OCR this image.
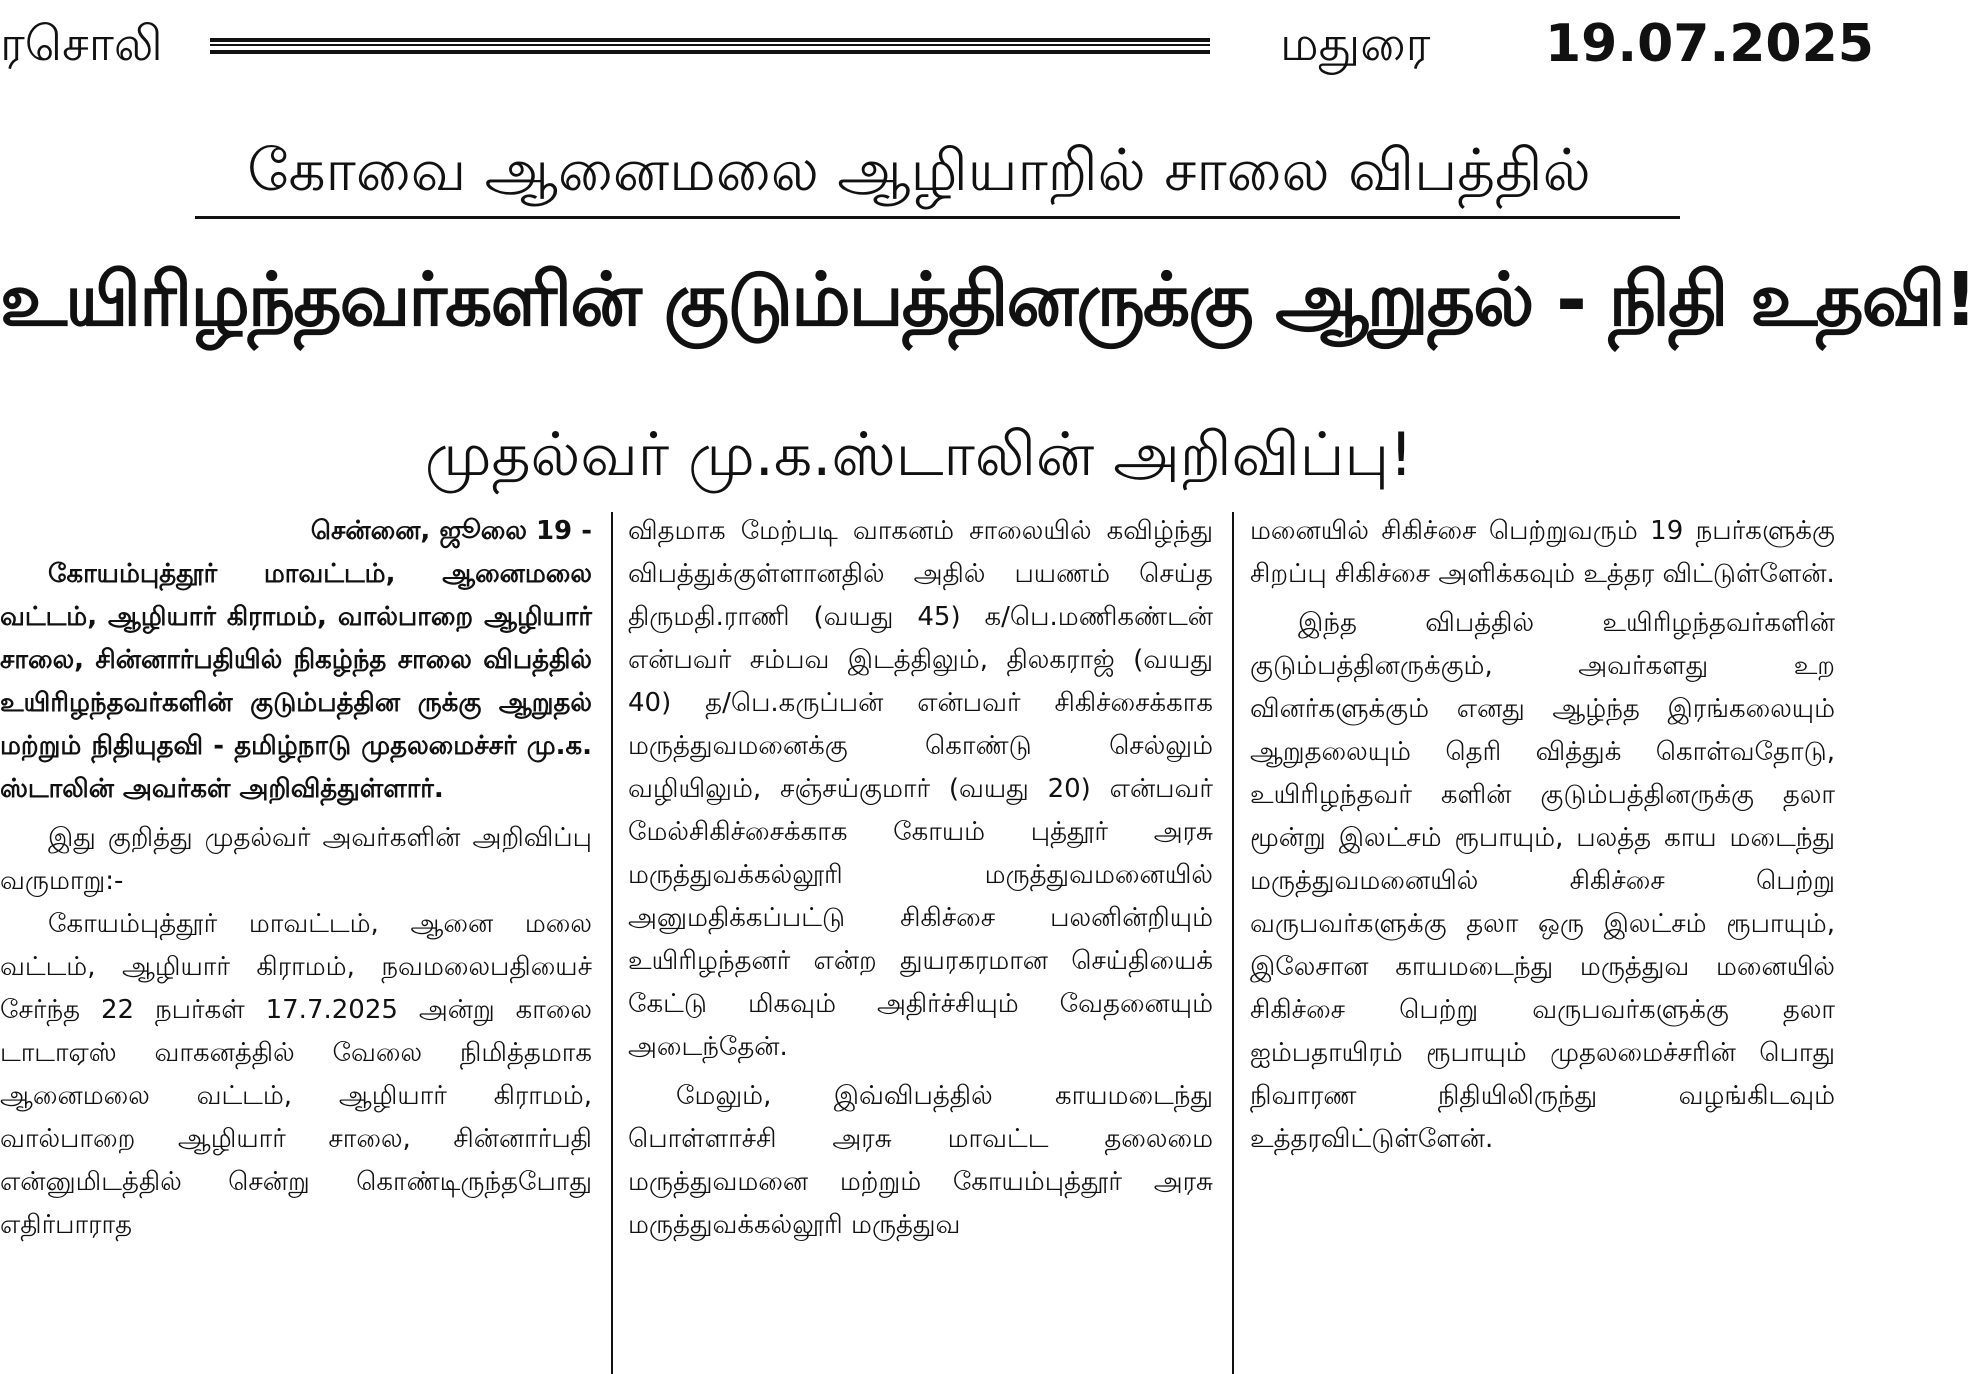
ரசொலி	மதுரை 19.07.2025
கோவை ஆனைமலை ஆழியாறில் சாலை விபத்தில்
உயிரிழந்தவர்களின் குடும்பத்தினருக்கு ஆறுதல் - நிதி உதவி!
முதல்வர் மு.க.ஸ்டாலின் அறிவிப்பு!

சென்னை, ஜூலை 19 -

கோயம்புத்தூர் மாவட்டம், ஆனைமலை வட்டம், ஆழியார் கிராமம், வால்பாறை ஆழியார் சாலை, சின்னார்பதியில் நிகழ்ந்த சாலை விபத்தில் உயிரிழந்தவர்களின் குடும்பத்தின ருக்கு ஆறுதல் மற்றும் நிதியுதவி - தமிழ்நாடு முதலமைச்சர் மு.க. ஸ்டாலின் அவர்கள் அறிவித்துள்ளார்.

இது குறித்து முதல்வர் அவர்களின் அறிவிப்பு வருமாறு:-

கோயம்புத்தூர் மாவட்டம், ஆனை மலை வட்டம், ஆழியார் கிராமம், நவமலைபதியைச் சேர்ந்த 22 நபர்கள் 17.7.2025 அன்று காலை டாடாஏஸ் வாகனத்தில் வேலை நிமித்தமாக ஆனைமலை வட்டம், ஆழியார் கிராமம், வால்பாறை ஆழியார் சாலை, சின்னார்பதி என்னுமிடத்தில் சென்று கொண்டிருந்தபோது எதிர்பாராத

விதமாக மேற்படி வாகனம் சாலையில் கவிழ்ந்து விபத்துக்குள்ளானதில் அதில் பயணம் செய்த திருமதி.ராணி (வயது 45) க/பெ.மணிகண்டன் என்பவர் சம்பவ இடத்திலும், திலகராஜ் (வயது 40) த/பெ.கருப்பன் என்பவர் சிகிச்சைக்காக மருத்துவமனைக்கு கொண்டு செல்லும் வழியிலும், சஞ்சய்குமார் (வயது 20) என்பவர் மேல்சிகிச்சைக்காக கோயம் புத்தூர் அரசு மருத்துவக்கல்லூரி மருத்துவமனையில் அனுமதிக்கப்பட்டு சிகிச்சை பலனின்றியும் உயிரிழந்தனர் என்ற துயரகரமான செய்தியைக் கேட்டு மிகவும் அதிர்ச்சியும் வேதனையும் அடைந்தேன்.

மேலும், இவ்விபத்தில் காயமடைந்து பொள்ளாச்சி அரசு மாவட்ட தலைமை மருத்துவமனை மற்றும் கோயம்புத்தூர் அரசு மருத்துவக்கல்லூரி மருத்துவ

மனையில் சிகிச்சை பெற்றுவரும் 19 நபர்களுக்கு சிறப்பு சிகிச்சை அளிக்கவும் உத்தர விட்டுள்ளேன்.

இந்த விபத்தில் உயிரிழந்தவர்களின் குடும்பத்தினருக்கும், அவர்களது உற வினர்களுக்கும் எனது ஆழ்ந்த இரங்கலையும் ஆறுதலையும் தெரி வித்துக் கொள்வதோடு, உயிரிழந்தவர் களின் குடும்பத்தினருக்கு தலா மூன்று இலட்சம் ரூபாயும், பலத்த காய மடைந்து மருத்துவமனையில் சிகிச்சை பெற்று வருபவர்களுக்கு தலா ஒரு இலட்சம் ரூபாயும், இலேசான காயமடைந்து மருத்துவ மனையில் சிகிச்சை பெற்று வருபவர்களுக்கு தலா ஐம்பதாயிரம் ரூபாயும் முதலமைச்சரின் பொது நிவாரண நிதியிலிருந்து வழங்கிடவும் உத்தரவிட்டுள்ளேன்.
